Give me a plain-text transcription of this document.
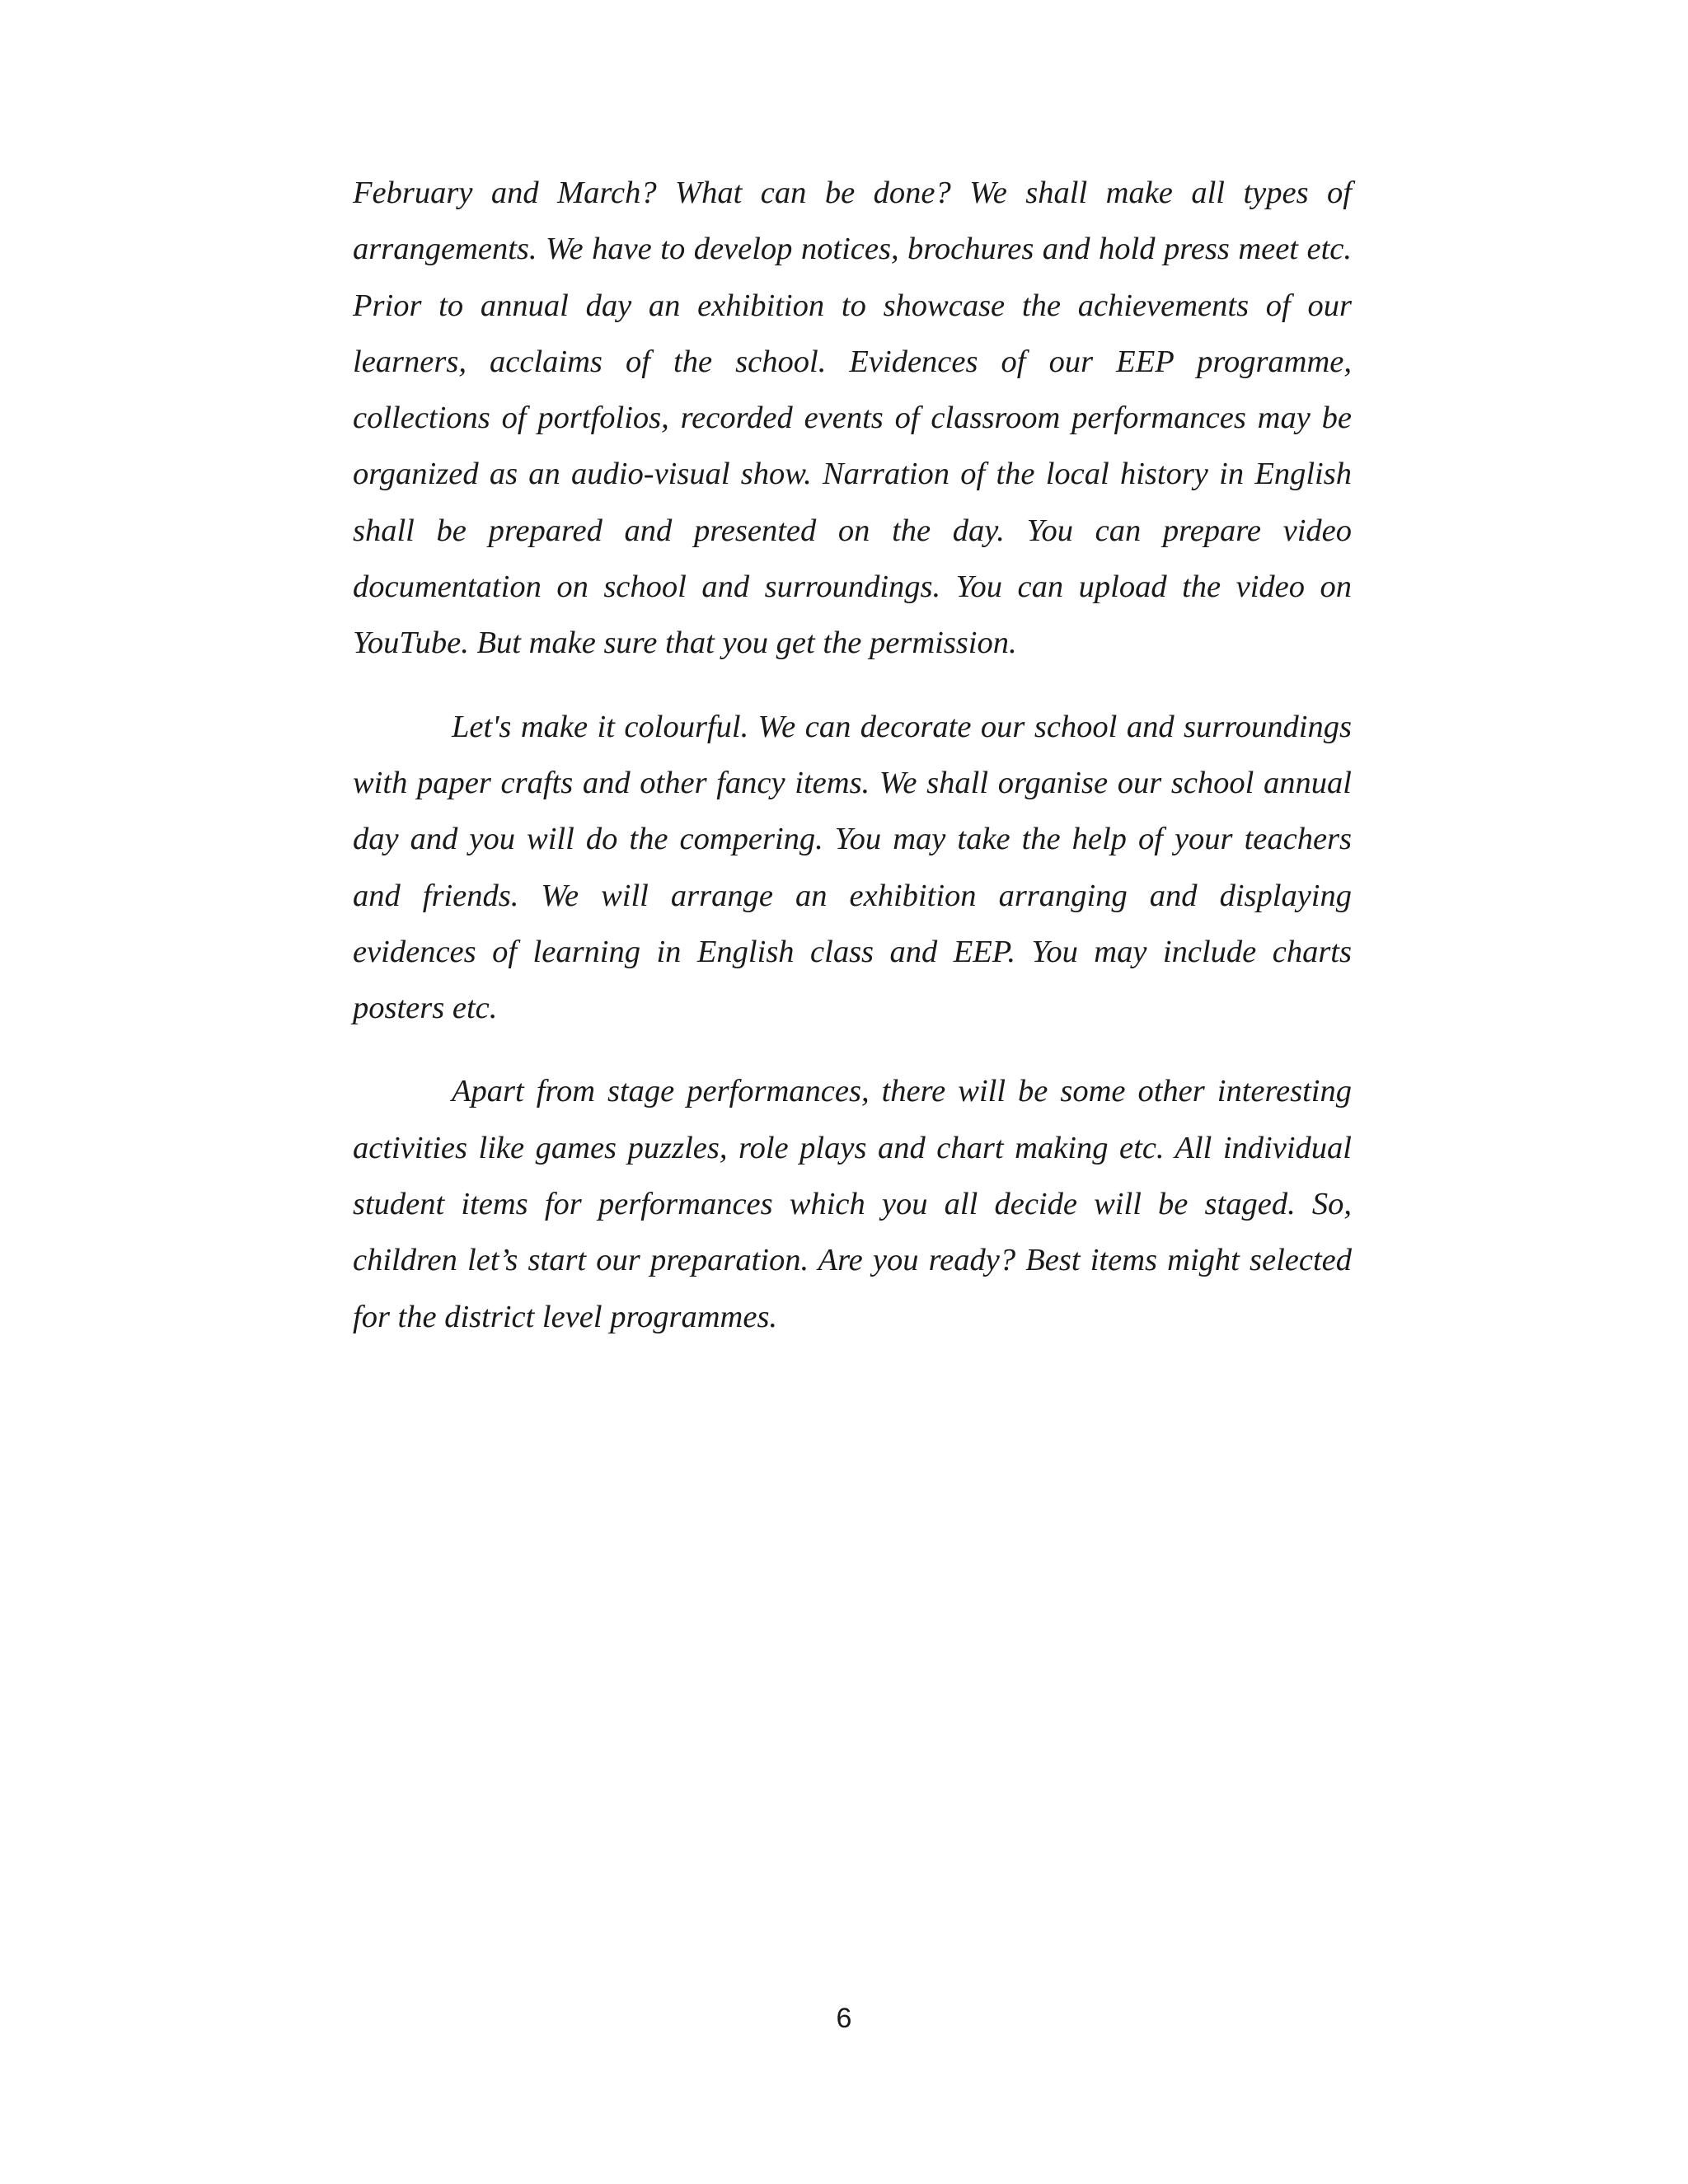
February and March? What can be done? We shall make all types of arrangements. We have to develop notices, brochures and hold press meet etc. Prior to annual day an exhibition to showcase the achievements of our learners, acclaims of the school. Evidences of our EEP programme, collections of portfolios, recorded events of classroom performances may be organized as an audio-visual show. Narration of the local history in English shall be prepared and presented on the day. You can prepare video documentation on school and surroundings. You can upload the video on YouTube. But make sure that you get the permission.

Let's make it colourful. We can decorate our school and surroundings with paper crafts and other fancy items. We shall organise our school annual day and you will do the compering. You may take the help of your teachers and friends. We will arrange an exhibition arranging and displaying evidences of learning in English class and EEP. You may include charts posters etc.

Apart from stage performances, there will be some other interesting activities like games puzzles, role plays and chart making etc. All individual student items for performances which you all decide will be staged. So, children let’s start our preparation. Are you ready? Best items might selected for the district level programmes.

6
